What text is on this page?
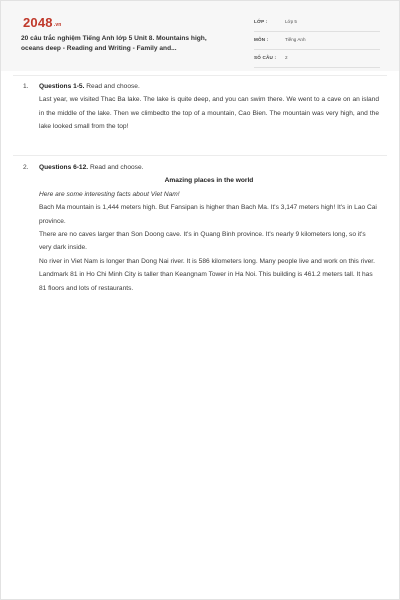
2048.vn
20 câu trắc nghiệm Tiếng Anh lớp 5 Unit 8. Mountains high, oceans deep - Reading and Writing - Family and...
LỚP :	Lớp 5
MÔN :	Tiếng Anh
SỐ CÂU : 2
1. Questions 1-5. Read and choose.

Last year, we visited Thac Ba lake. The lake is quite deep, and you can swim there. We went to a cave on an island in the middle of the lake. Then we climbedto the top of a mountain, Cao Bien. The mountain was very high, and the lake looked small from the top!

2. Questions 6-12. Read and choose.

Amazing places in the world

Here are some interesting facts about Viet Nam!

Bach Ma mountain is 1,444 meters high. But Fansipan is higher than Bach Ma. It's 3,147 meters high! It's in Lao Cai province.

There are no caves larger than Son Doong cave. It's in Quang Binh province. It's nearly 9 kilometers long, so it's very dark inside.

No river in Viet Nam is longer than Dong Nai river. It is 586 kilometers long. Many people live and work on this river.

Landmark 81 in Ho Chi Minh City is taller than Keangnam Tower in Ha Noi. This building is 461.2 meters tall. It has 81 floors and lots of restaurants.
